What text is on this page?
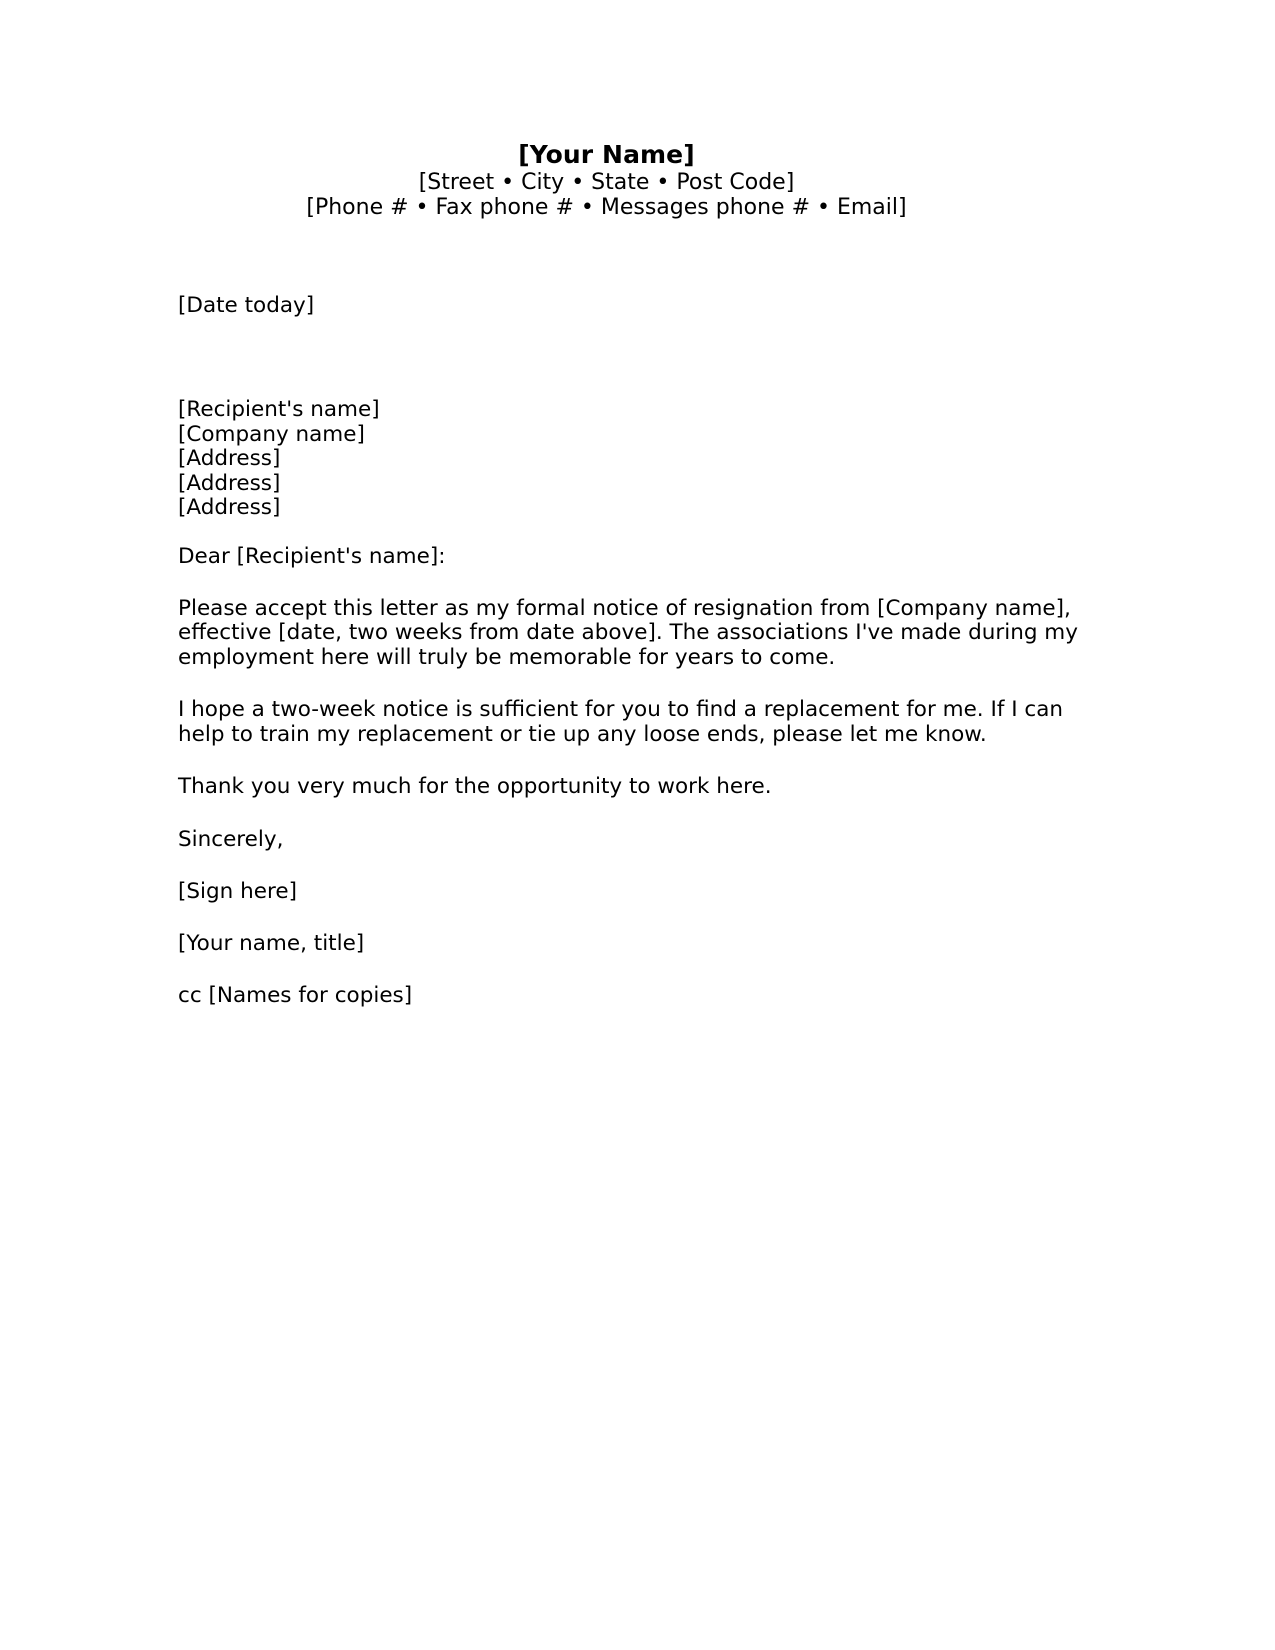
[Your Name]
[Street • City • State • Post Code]
[Phone # • Fax phone # • Messages phone # • Email]
[Date today]
[Recipient's name]
[Company name]
[Address]
[Address]
[Address]
Dear [Recipient's name]:
Please accept this letter as my formal notice of resignation from [Company name],
effective [date, two weeks from date above]. The associations I've made during my
employment here will truly be memorable for years to come.
I hope a two-week notice is sufficient for you to find a replacement for me. If I can
help to train my replacement or tie up any loose ends, please let me know.
Thank you very much for the opportunity to work here.
Sincerely,
[Sign here]
[Your name, title]
cc [Names for copies]
